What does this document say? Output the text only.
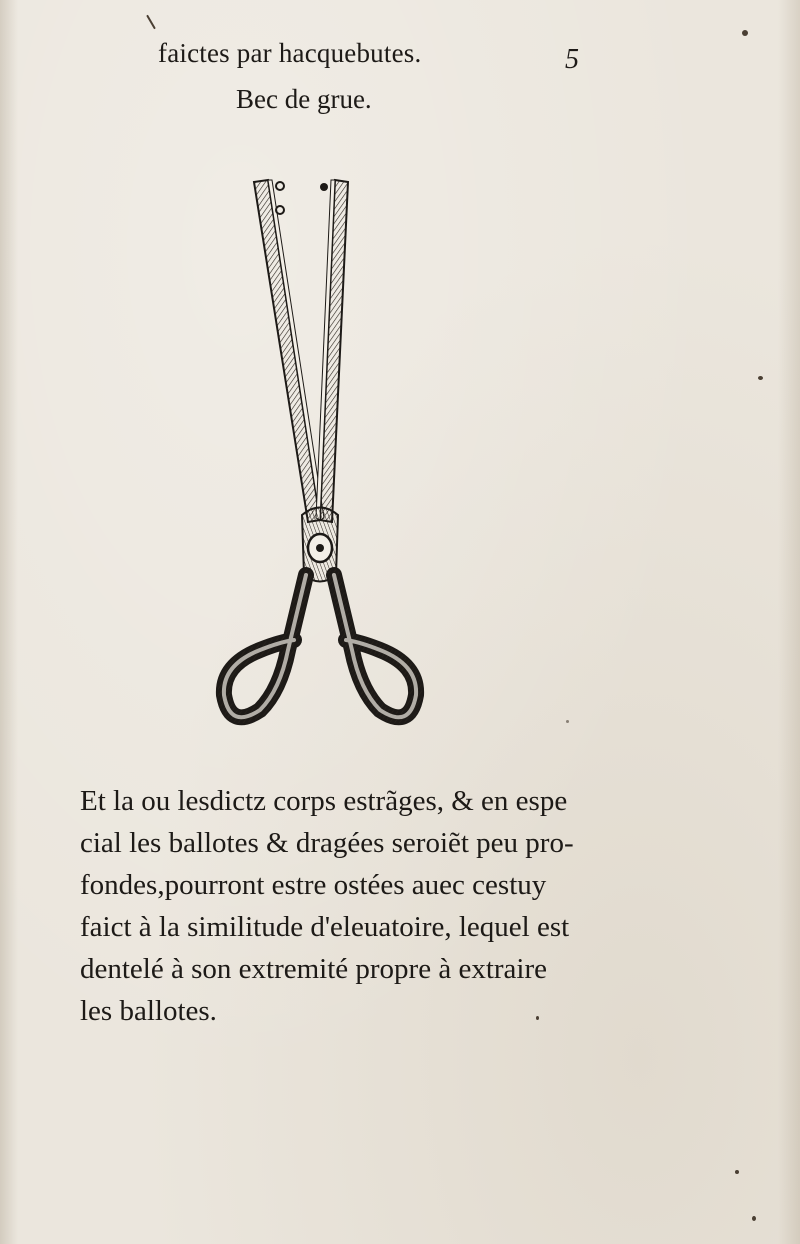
faictes par hacquebutes.	5
Bec de grue.

Et la ou lesdictz corps estrãges, & en espe

cial les ballotes & dragées seroiẽt peu pro-

fondes,pourront estre ostées auec cestuy

faict à la similitude d'eleuatoire, lequel est

dentelé à son extremité propre à extraire

les ballotes.
